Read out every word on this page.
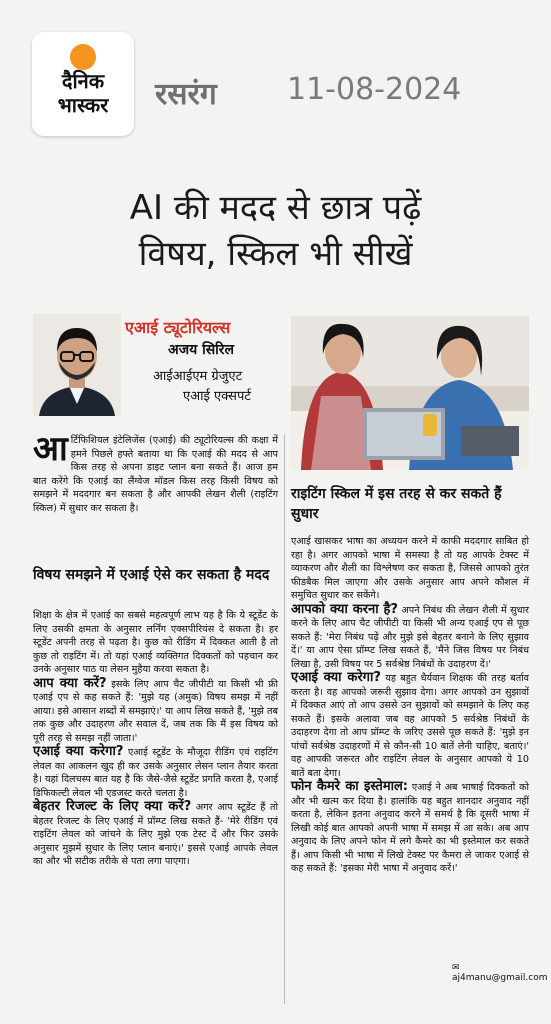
दैनिक
भास्कर	रसरंग 11-08-2024
AI की मदद से छात्र पढ़ें
विषय, स्किल भी सीखें
एआई ट्यूटोरियल्स
अजय सिरिल
आईआईएम ग्रेजुएट
एआई एक्सपर्ट

आर्टिफिशियल इंटेलिजेंस (एआई) की ट्यूटोरियल्स की कक्षा में हमने पिछले हफ्ते बताया था कि एआई की मदद से आप किस तरह से अपना डाइट प्लान बना सकते हैं। आज हम बात करेंगे कि एआई का लैंग्वेज मॉडल किस तरह किसी विषय को समझने में मददगार बन सकता है और आपकी लेखन शैली (राइटिंग स्किल) में सुधार कर सकता है।

विषय समझने में एआई ऐसे कर सकता है मदद

शिक्षा के क्षेत्र में एआई का सबसे महत्वपूर्ण लाभ यह है कि ये स्टूडेंट के लिए उसकी क्षमता के अनुसार लर्निंग एक्सपीरियंस दे सकता है। हर स्टूडेंट अपनी तरह से पढ़ता है। कुछ को रीडिंग में दिक्कत आती है तो कुछ तो राइटिंग में। तो यहां एआई व्यक्तिगत दिक्कतों को पहचान कर उनके अनुसार पाठ या लेसन मुहैया करवा सकता है।

आप क्या करें? इसके लिए आप चैट जीपीटी या किसी भी फ्री एआई एप से कह सकते हैं: 'मुझे यह (अमुक) विषय समझ में नहीं आया। इसे आसान शब्दों में समझाएं।' या आप लिख सकते हैं, 'मुझे तब तक कुछ और उदाहरण और सवाल दें, जब तक कि मैं इस विषय को पूरी तरह से समझ नहीं जाता।'

एआई क्या करेगा? एआई स्टूडेंट के मौजूदा रीडिंग एवं राइटिंग लेवल का आकलन खुद ही कर उसके अनुसार लेसन प्लान तैयार करता है। यहां दिलचस्प बात यह है कि जैसे-जैसे स्टूडेंट प्रगति करता है, एआई डिफिकल्टी लेवल भी एडजस्ट करते चलता है।

बेहतर रिजल्ट के लिए क्या करें? अगर आप स्टूडेंट हैं तो बेहतर रिजल्ट के लिए एआई में प्रॉम्प्ट लिख सकते हैं- 'मेरे रीडिंग एवं राइटिंग लेवल को जांचने के लिए मुझे एक टेस्ट दें और फिर उसके अनुसार मुझमें सुधार के लिए प्लान बनाएं।' इससे एआई आपके लेवल का और भी सटीक तरीके से पता लगा पाएगा।

राइटिंग स्किल में इस तरह से कर सकते हैं सुधार

एआई खासकर भाषा का अध्ययन करने में काफी मददगार साबित हो रहा है। अगर आपको भाषा में समस्या है तो यह आपके टेक्स्ट में व्याकरण और शैली का विश्लेषण कर सकता है, जिससे आपको तुरंत फीडबैक मिल जाएगा और उसके अनुसार आप अपने कौशल में समुचित सुधार कर सकेंगे।

आपको क्या करना है? अपने निबंध की लेखन शैली में सुधार करने के लिए आप चैट जीपीटी या किसी भी अन्य एआई एप से पूछ सकते हैं: 'मेरा निबंध पढ़ें और मुझे इसे बेहतर बनाने के लिए सुझाव दें।' या आप ऐसा प्रॉम्प्ट लिख सकते हैं, 'मैंने जिस विषय पर निबंध लिखा है, उसी विषय पर 5 सर्वश्रेष्ठ निबंधों के उदाहरण दें।'

एआई क्या करेगा? यह बहुत धैर्यवान शिक्षक की तरह बर्ताव करता है। वह आपको जरूरी सुझाव देगा। अगर आपको उन सुझावों में दिक्कत आएं तो आप उससे उन सुझावों को समझाने के लिए कह सकते हैं। इसके अलावा जब वह आपको 5 सर्वश्रेष्ठ निबंधों के उदाहरण देगा तो आप प्रॉम्प्ट के जरिए उससे पूछ सकते हैं: 'मुझे इन पांचों सर्वश्रेष्ठ उदाहरणों में से कौन-सी 10 बातें लेनी चाहिए, बताएं।' वह आपकी जरूरत और राइटिंग लेवल के अनुसार आपको ये 10 बातें बता देगा।

फोन कैमरे का इस्तेमाल: एआई ने अब भाषाई दिक्कतों को और भी खत्म कर दिया है। हालांकि यह बहुत शानदार अनुवाद नहीं करता है, लेकिन इतना अनुवाद करने में समर्थ है कि दूसरी भाषा में लिखी कोई बात आपको अपनी भाषा में समझ में आ सके। अब आप अनुवाद के लिए अपने फोन में लगे कैमरे का भी इस्तेमाल कर सकते हैं। आप किसी भी भाषा में लिखे टेक्स्ट पर कैमरा ले जाकर एआई से कह सकते हैं: 'इसका मेरी भाषा में अनुवाद करें।'

✉ aj4manu@gmail.com
